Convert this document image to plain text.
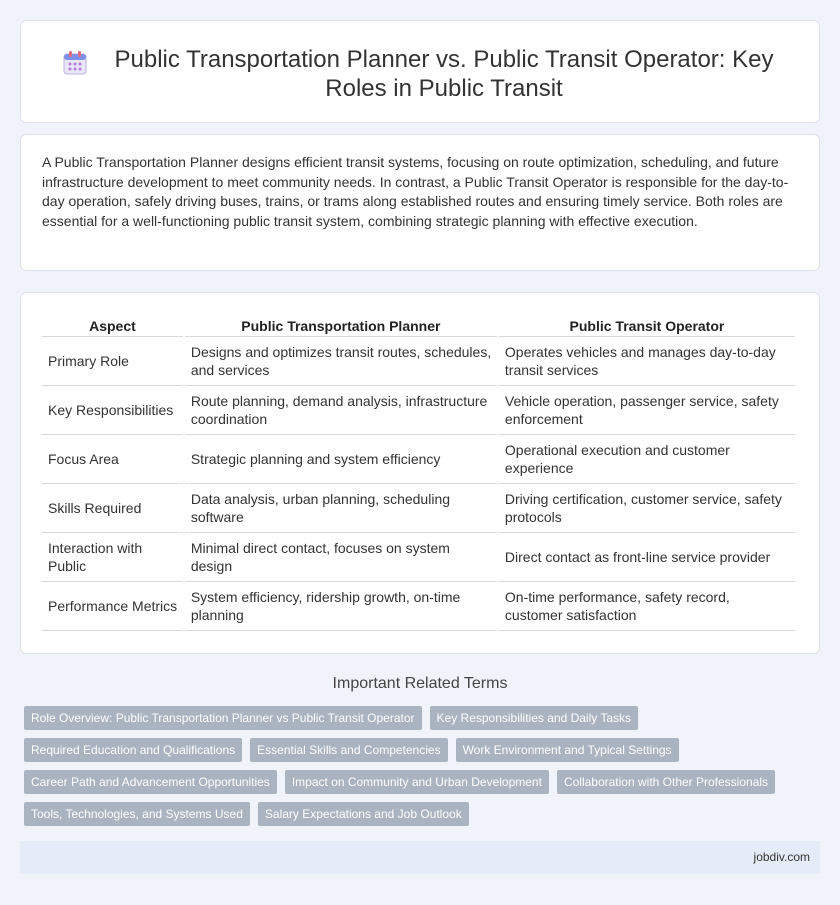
Public Transportation Planner vs. Public Transit Operator: Key Roles in Public Transit

A Public Transportation Planner designs efficient transit systems, focusing on route optimization, scheduling, and future infrastructure development to meet community needs. In contrast, a Public Transit Operator is responsible for the day-to-day operation, safely driving buses, trains, or trams along established routes and ensuring timely service. Both roles are essential for a well-functioning public transit system, combining strategic planning with effective execution.

Aspect	Public Transportation Planner	Public Transit Operator
Primary Role	Designs and optimizes transit routes, schedules, and services	Operates vehicles and manages day-to-day transit services
Key Responsibilities	Route planning, demand analysis, infrastructure coordination	Vehicle operation, passenger service, safety enforcement
Focus Area	Strategic planning and system efficiency	Operational execution and customer experience
Skills Required	Data analysis, urban planning, scheduling software	Driving certification, customer service, safety protocols
Interaction with Public	Minimal direct contact, focuses on system design	Direct contact as front-line service provider
Performance Metrics	System efficiency, ridership growth, on-time planning	On-time performance, safety record, customer satisfaction
Important Related Terms
Role Overview: Public Transportation Planner vs Public Transit Operator	Key Responsibilities and Daily Tasks
Required Education and Qualifications	Essential Skills and Competencies	Work Environment and Typical Settings
Career Path and Advancement Opportunities	Impact on Community and Urban Development	Collaboration with Other Professionals
Tools, Technologies, and Systems Used	Salary Expectations and Job Outlook
jobdiv.com
